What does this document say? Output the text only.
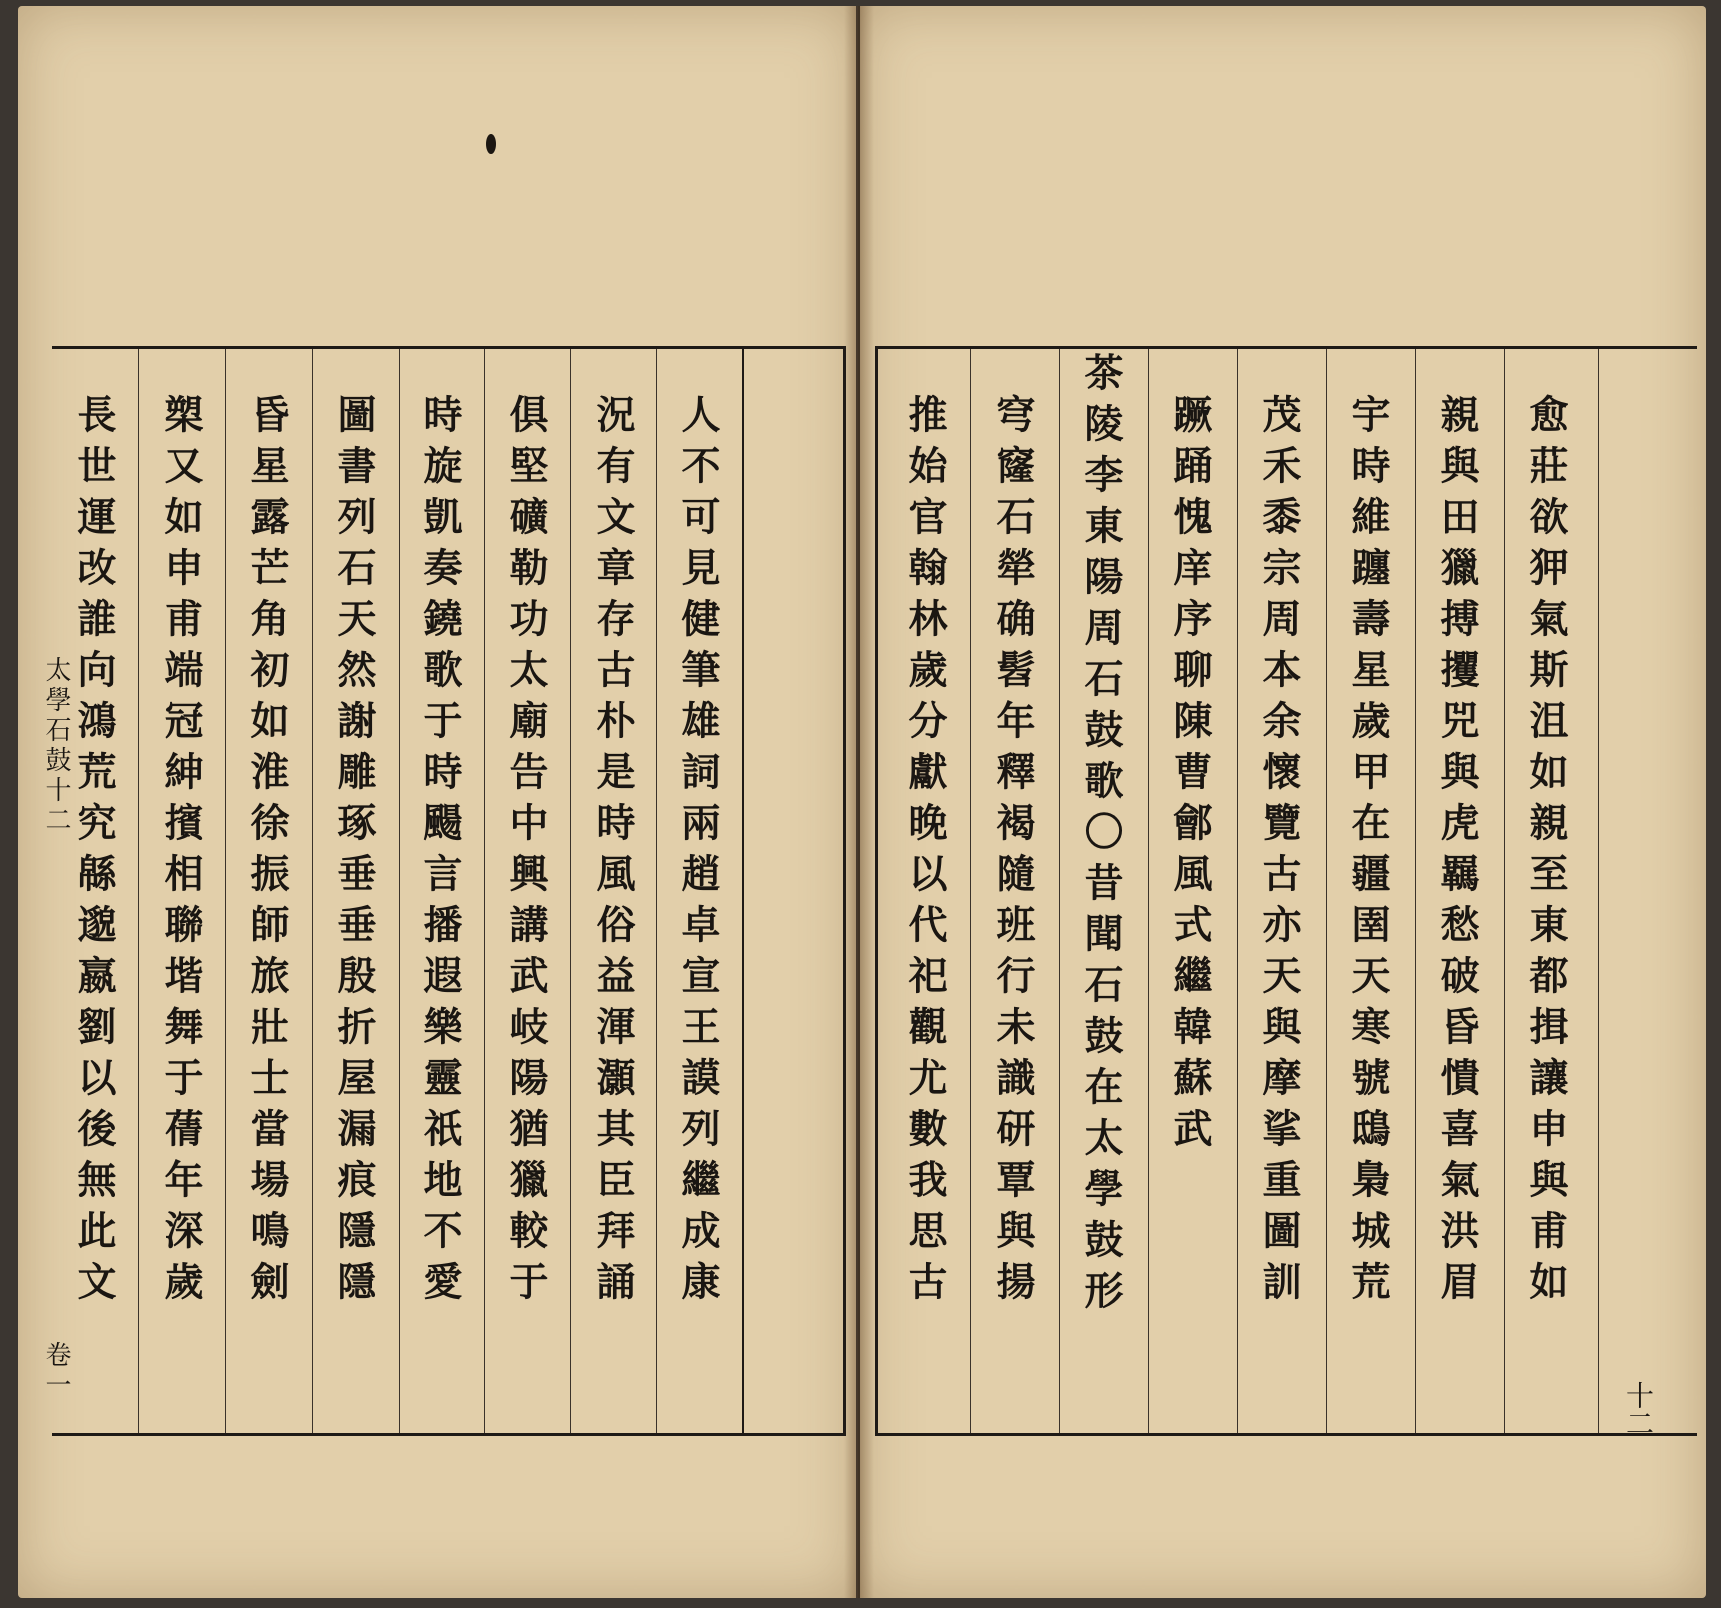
人不可見健筆雄詞兩趙卓宣王謨列繼成康
況有文章存古朴是時風俗益渾灝其臣拜誦
俱堅礦勒功太廟告中興講武岐陽猶獵較于
時旋凱奏鐃歌于時颺言播遐樂靈祇地不愛
圖書列石天然謝雕琢垂垂殷折屋漏痕隱隱
昏星露芒角初如淮徐振師旅壯士當場鳴劍
槊又如申甫端冠紳擯相聯堦舞于蒨年深歲
長世運改誰向鴻荒究緜邈嬴劉以後無此文
太學石鼓十二
卷一
愈莊欲狎氣斯沮如親至東都揖讓申與甫如
親與田獵搏攫兕與虎羈愁破昏憒喜氣洪眉
宇時維躔壽星歲甲在疆圉天寒號鴟梟城荒
茂禾黍宗周本余懷覽古亦天與摩挲重圖訓
蹶踊愧庠序聊陳曹鄶風式繼韓蘇武
茶陵李東陽周石鼓歌〇昔聞石鼓在太學鼓形
穹窿石犖确髫年釋褐隨班行未識研覃與揚
推始官翰林歲分獻晚以代祀觀尤數我思古
十二
